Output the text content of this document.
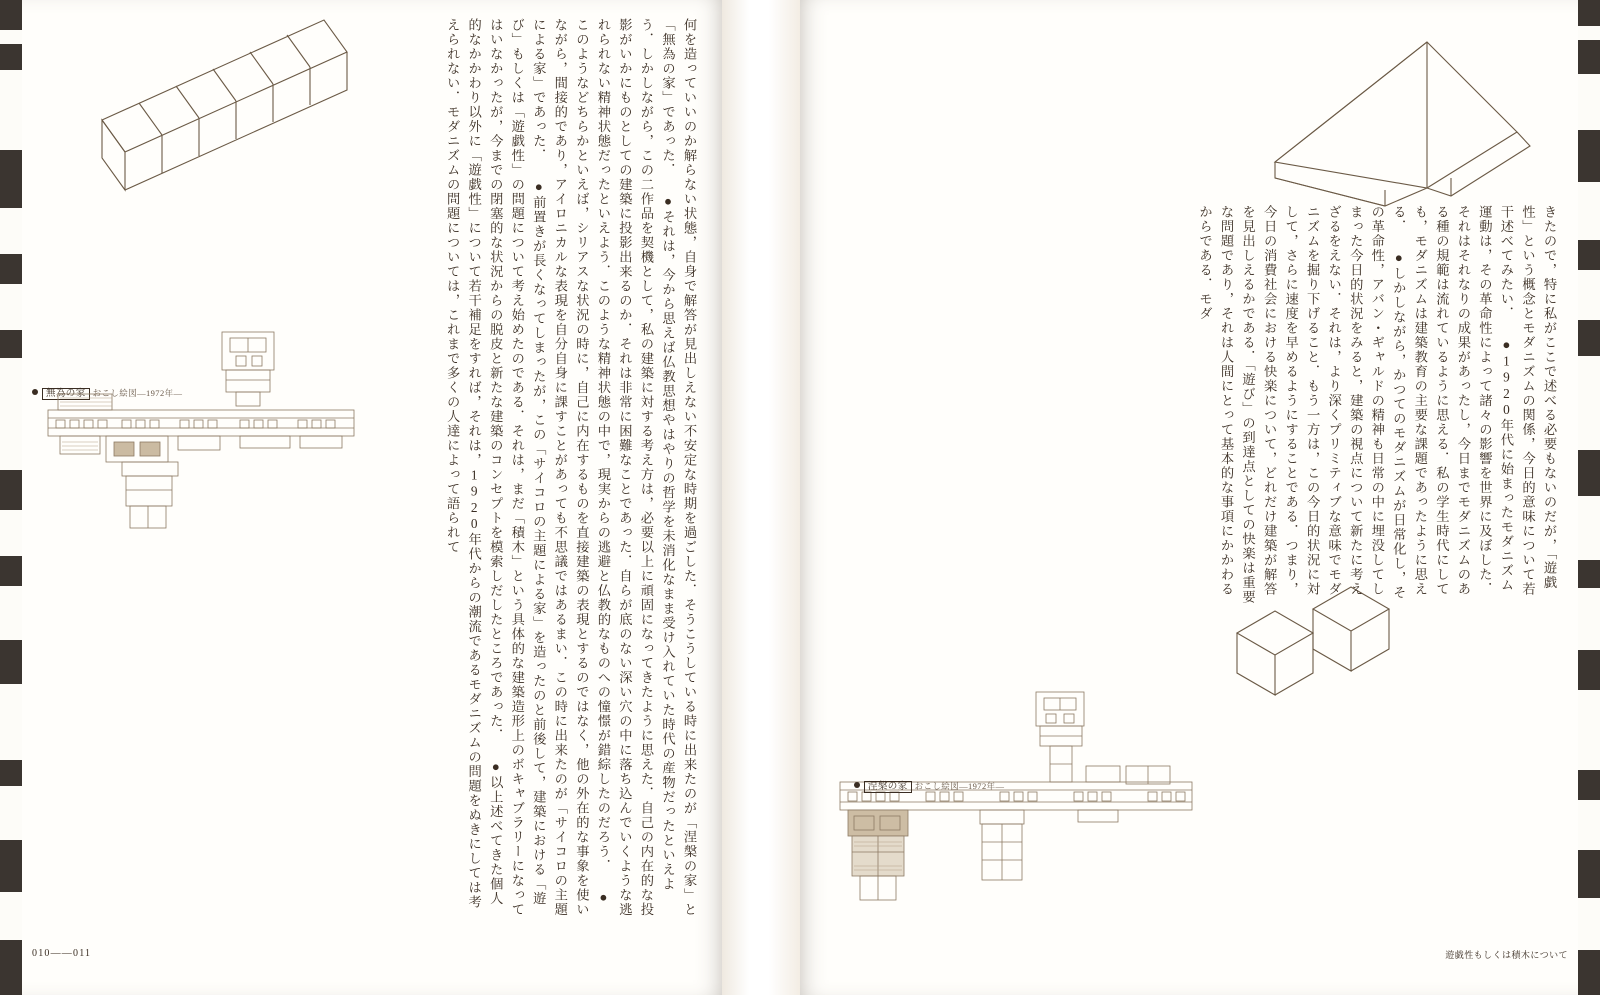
無為の家 おこし絵図—1972年—	何を造っていいのか解らない状態，自身で解答が見出しえない不安定な時期を過ごした．そうこうしている時に出来たのが「涅槃の家」と「無為の家」であった． ●それは，今から思えば仏教思想やはやりの哲学を未消化なまま受け入れていた時代の産物だったといえよう．しかしながら，この二作品を契機として，私の建築に対する考え方は，必要以上に頑固になってきたように思えた．自己の内在的な投影がいかにものとしての建築に投影出来るのか．それは非常に困難なことであった．自らが底のない深い穴の中に落ち込んでいくような逃れられない精神状態だったといえよう．このような精神状態の中で，現実からの逃避と仏教的なものへの憧憬が錯綜したのだろう． ●このようなどちらかといえば，シリアスな状況の時に，自己に内在するものを直接建築の表現とするのではなく，他の外在的な事象を使いながら，間接的であり，アイロニカルな表現を自分自身に課すことがあっても不思議ではあるまい．この時に出来たのが「サイコロの主題による家」であった． ●前置きが長くなってしまったが，この「サイコロの主題による家」を造ったのと前後して，建築における「遊び」もしくは「遊戯性」の問題について考え始めたのである．それは，まだ「積木」という具体的な建築造形上のボキャブラリーになってはいなかったが，今までの閉塞的な状況からの脱皮と新たな建築のコンセプトを模索しだしたところであった． ●以上述べてきた個人的なかかわり以外に「遊戯性」について若干補足をすれば，それは，1920年代からの潮流であるモダニズムの問題をぬきにしては考えられない．モダニズムの問題については，これまで多くの人達によって語られて
010——011
涅槃の家 おこし絵図—1972年—
きたので，特に私がここで述べる必要もないのだが，「遊戯性」という概念とモダニズムの関係，今日的意味について若干述べてみたい． ●1920年代に始まったモダニズム運動は，その革命性によって諸々の影響を世界に及ぼした．それはそれなりの成果があったし，今日までモダニズムのある種の規範は流れているように思える．私の学生時代にしても，モダニズムは建築教育の主要な課題であったように思える． ●しかしながら，かつてのモダニズムが日常化し，その革命性，アバン・ギャルドの精神も日常の中に埋没してしまった今日的状況をみると，建築の視点について新たに考えざるをえない．それは，より深くプリミティブな意味でモダニズムを掘り下げること．もう一方は，この今日的状況に対して，さらに速度を早めるようにすることである．つまり，今日の消費社会における快楽について，どれだけ建築が解答を見出しえるかである．「遊び」の到達点としての快楽は重要な問題であり，それは人間にとって基本的な事項にかかわるからである．モダ
遊戯性もしくは積木について
